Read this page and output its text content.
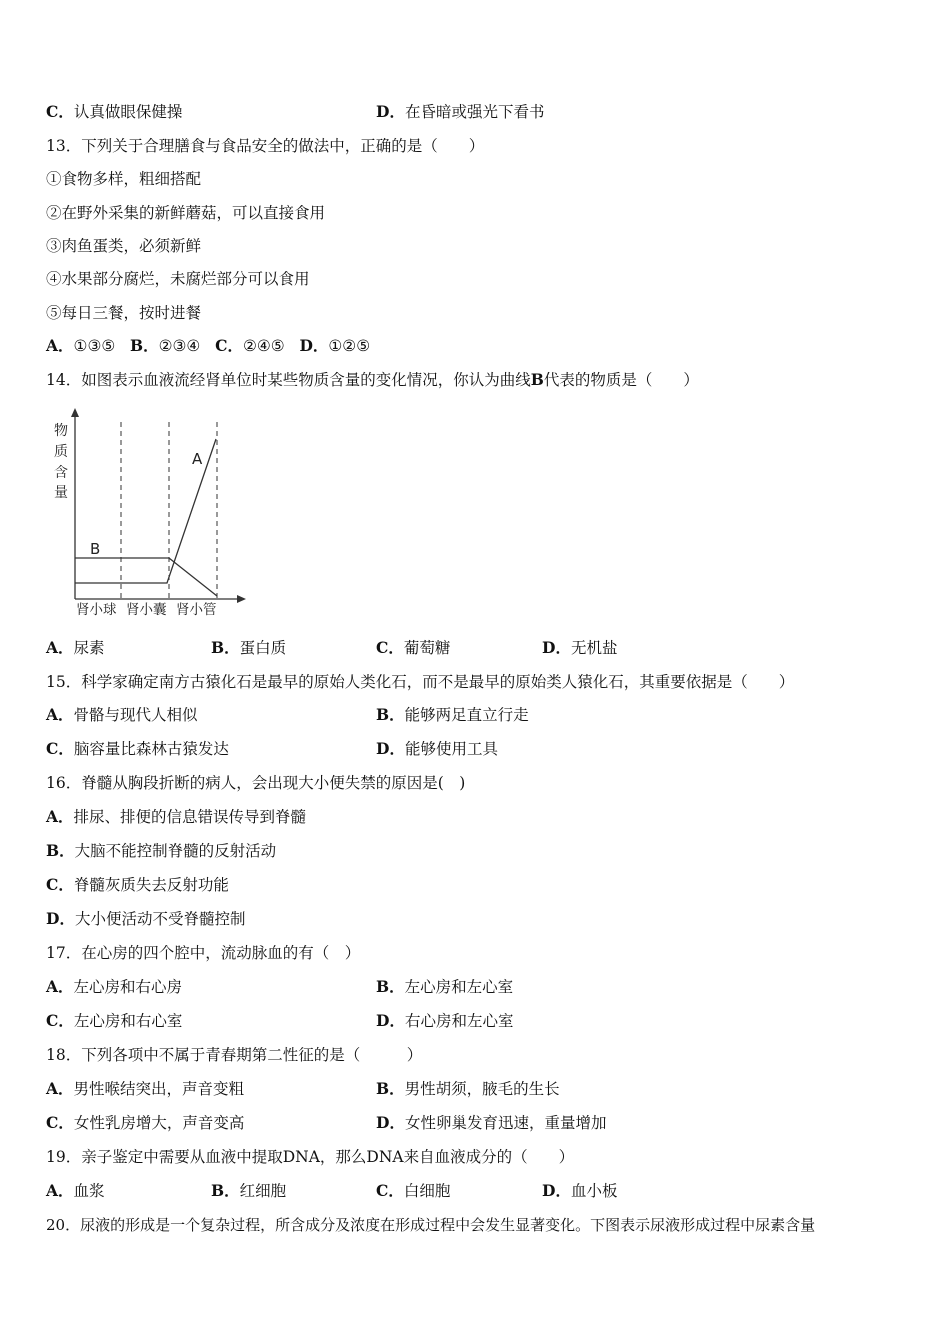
C．认真做眼保健操	D．在昏暗或强光下看书
13．下列关于合理膳食与食品安全的做法中，正确的是（　　）
①食物多样，粗细搭配
②在野外采集的新鲜蘑菇，可以直接食用
③肉鱼蛋类，必须新鲜
④水果部分腐烂，未腐烂部分可以食用
⑤每日三餐，按时进餐
A．①③⑤ B．②③④ C．②④⑤ D．①②⑤
14．如图表示血液流经肾单位时某些物质含量的变化情况，你认为曲线B代表的物质是（　　）
A
B
物
质
含
量
肾小球 肾小囊 肾小管
A．尿素	B．蛋白质	C．葡萄糖	D．无机盐
15．科学家确定南方古猿化石是最早的原始人类化石，而不是最早的原始类人猿化石，其重要依据是（　　）
A．骨骼与现代人相似	B．能够两足直立行走
C．脑容量比森林古猿发达	D．能够使用工具
16．脊髓从胸段折断的病人，会出现大小便失禁的原因是(　)
A．排尿、排便的信息错误传导到脊髓
B．大脑不能控制脊髓的反射活动
C．脊髓灰质失去反射功能
D．大小便活动不受脊髓控制
17．在心房的四个腔中，流动脉血的有（　）
A．左心房和右心房	B．左心房和左心室
C．左心房和右心室	D．右心房和左心室
18．下列各项中不属于青春期第二性征的是（　　　）
A．男性喉结突出，声音变粗	B．男性胡须，腋毛的生长
C．女性乳房增大，声音变高	D．女性卵巢发育迅速，重量增加
19．亲子鉴定中需要从血液中提取DNA，那么DNA来自血液成分的（　　）
A．血浆	B．红细胞	C．白细胞	D．血小板
20．尿液的形成是一个复杂过程，所含成分及浓度在形成过程中会发生显著变化。下图表示尿液形成过程中尿素含量
